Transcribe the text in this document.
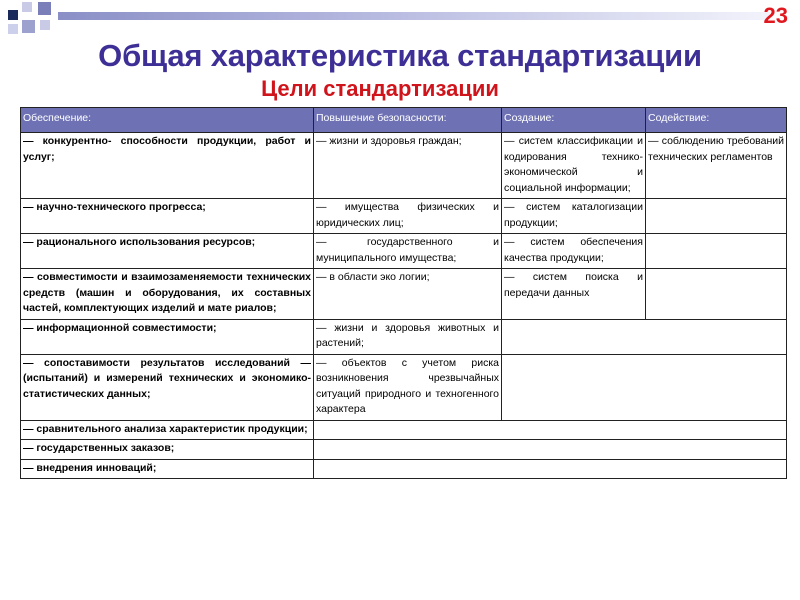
23
Общая характеристика стандартизации
Цели стандартизации
Обеспечение:	Повышение безопасности:	Создание:	Содействие:
— конкурентно- способности продукции, работ и услуг;	— жизни и здоровья граждан;	— систем классификации и кодирования технико-экономической и социальной информации;	— соблюдению требований технических регламентов
— научно-технического прогресса;	— имущества физических и юридических лиц;	— систем каталогизации продукции;	
— рационального использования ресурсов;	— государственного и муниципального имущества;	— систем обеспечения качества продукции;	
— совместимости и взаимозаменяемости технических средств (машин и оборудования, их составных частей, комплектующих изделий и мате риалов;	— в области эко логии;	— систем поиска и передачи данных	
— информационной совместимости;	— жизни и здоровья животных и растений;		
— сопоставимости результатов исследований — (испытаний) и измерений технических и экономико-статистических данных;	— объектов с учетом риска возникновения чрезвычайных ситуаций природного и техногенного характера		
— сравнительного анализа характеристик продукции;			
— государственных заказов;			
— внедрения инноваций;			
